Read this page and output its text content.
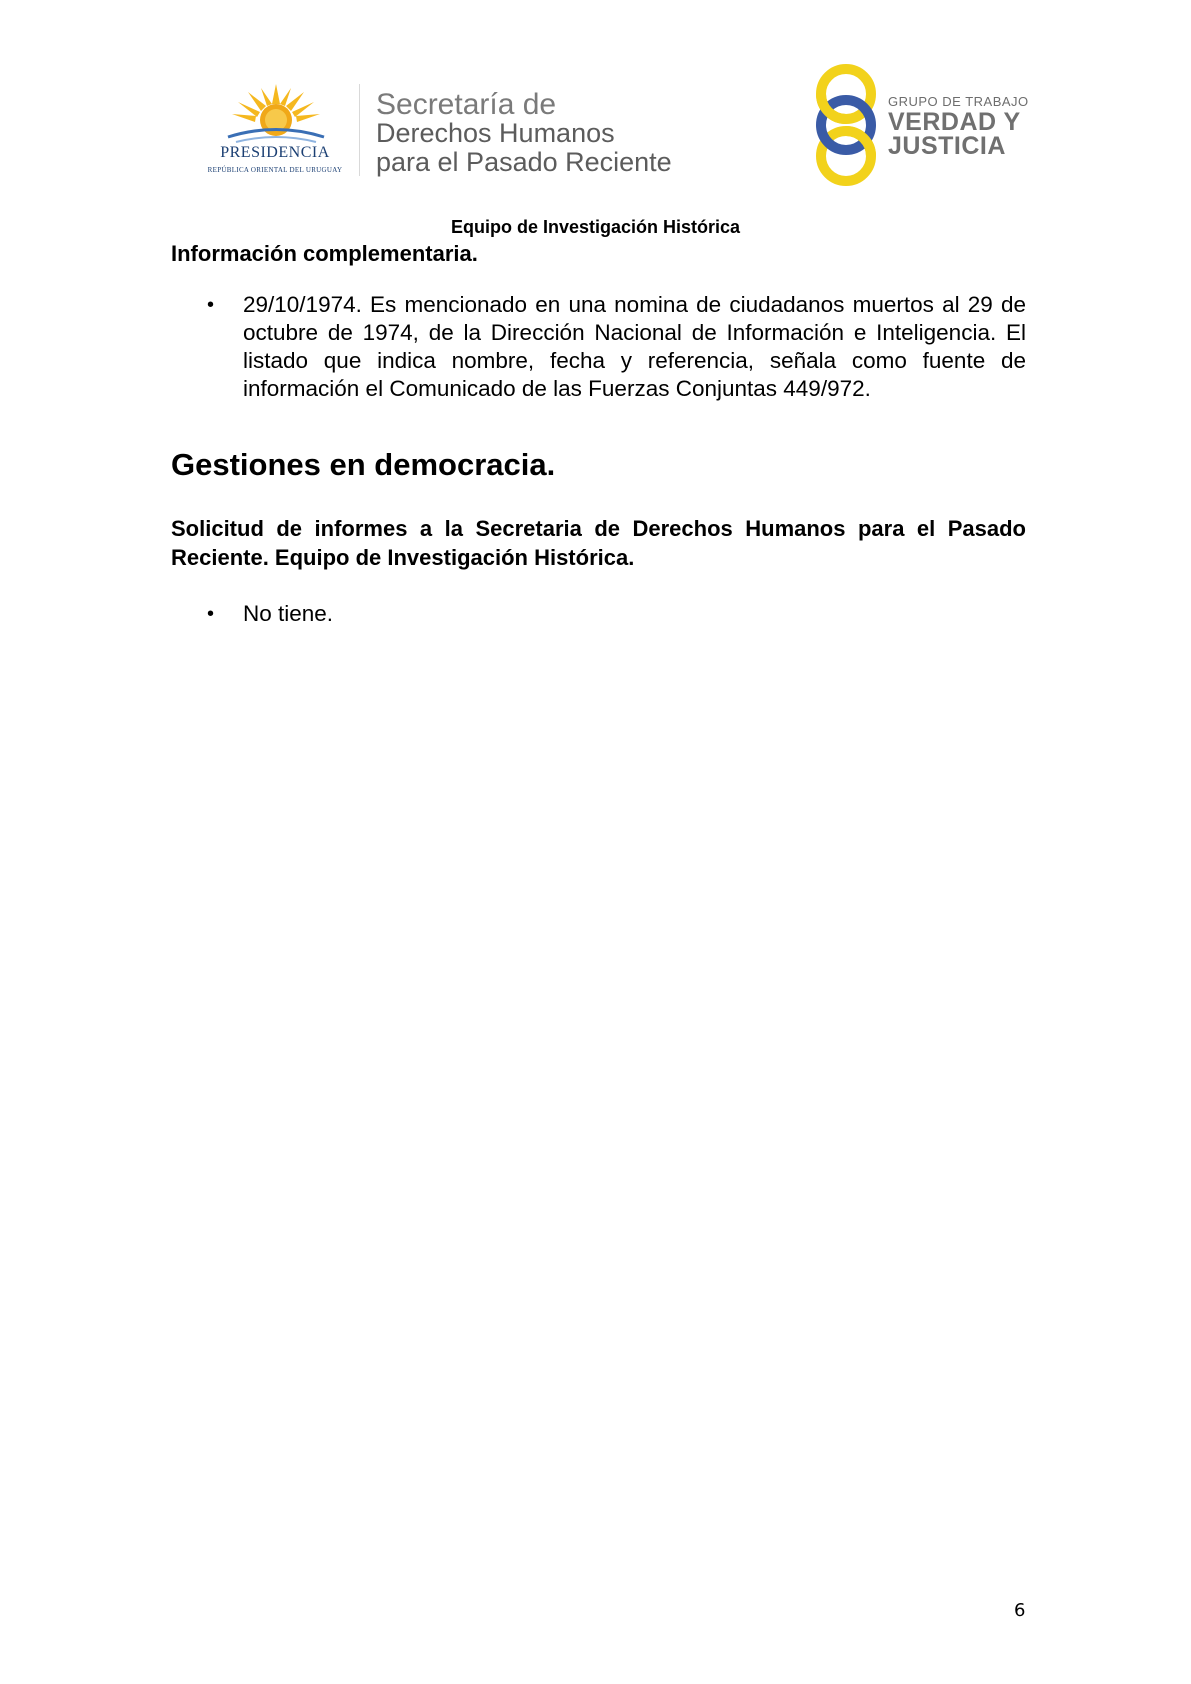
PRESIDENCIA
REPÚBLICA ORIENTAL DEL URUGUAY
Secretaría de
Derechos Humanos
para el Pasado Reciente
GRUPO DE TRABAJO
VERDAD Y
JUSTICIA
Equipo de Investigación Histórica
Información complementaria.
• 29/10/1974. Es mencionado en una nomina de ciudadanos muertos al 29 de octubre de 1974, de la Dirección Nacional de Información e Inteligencia. El listado que indica nombre, fecha y referencia, señala como fuente de información el Comunicado de las Fuerzas Conjuntas 449/972.
Gestiones en democracia.
Solicitud de informes a la Secretaria de Derechos Humanos para el Pasado Reciente. Equipo de Investigación Histórica.
• No tiene.
6
